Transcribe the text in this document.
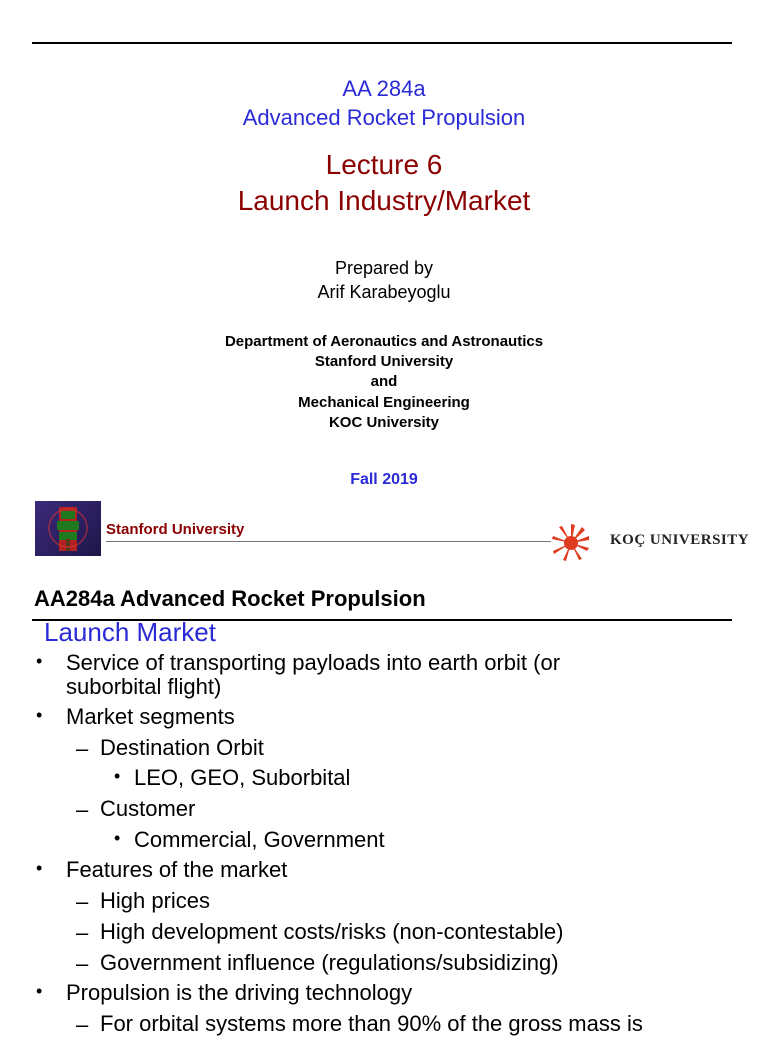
AA 284a
Advanced Rocket Propulsion
Lecture 6
Launch Industry/Market
Prepared by
Arif Karabeyoglu
Department of Aeronautics and Astronautics
Stanford University
and
Mechanical Engineering
KOC University
Fall 2019
Stanford University
KOÇ UNIVERSITY
AA284a Advanced Rocket Propulsion
Launch Market
• Service of transporting payloads into earth orbit (or
suborbital flight)
• Market segments
– Destination Orbit
• LEO, GEO, Suborbital
– Customer
• Commercial, Government
• Features of the market
– High prices
– High development costs/risks (non-contestable)
– Government influence (regulations/subsidizing)
• Propulsion is the driving technology
– For orbital systems more than 90% of the gross mass is
